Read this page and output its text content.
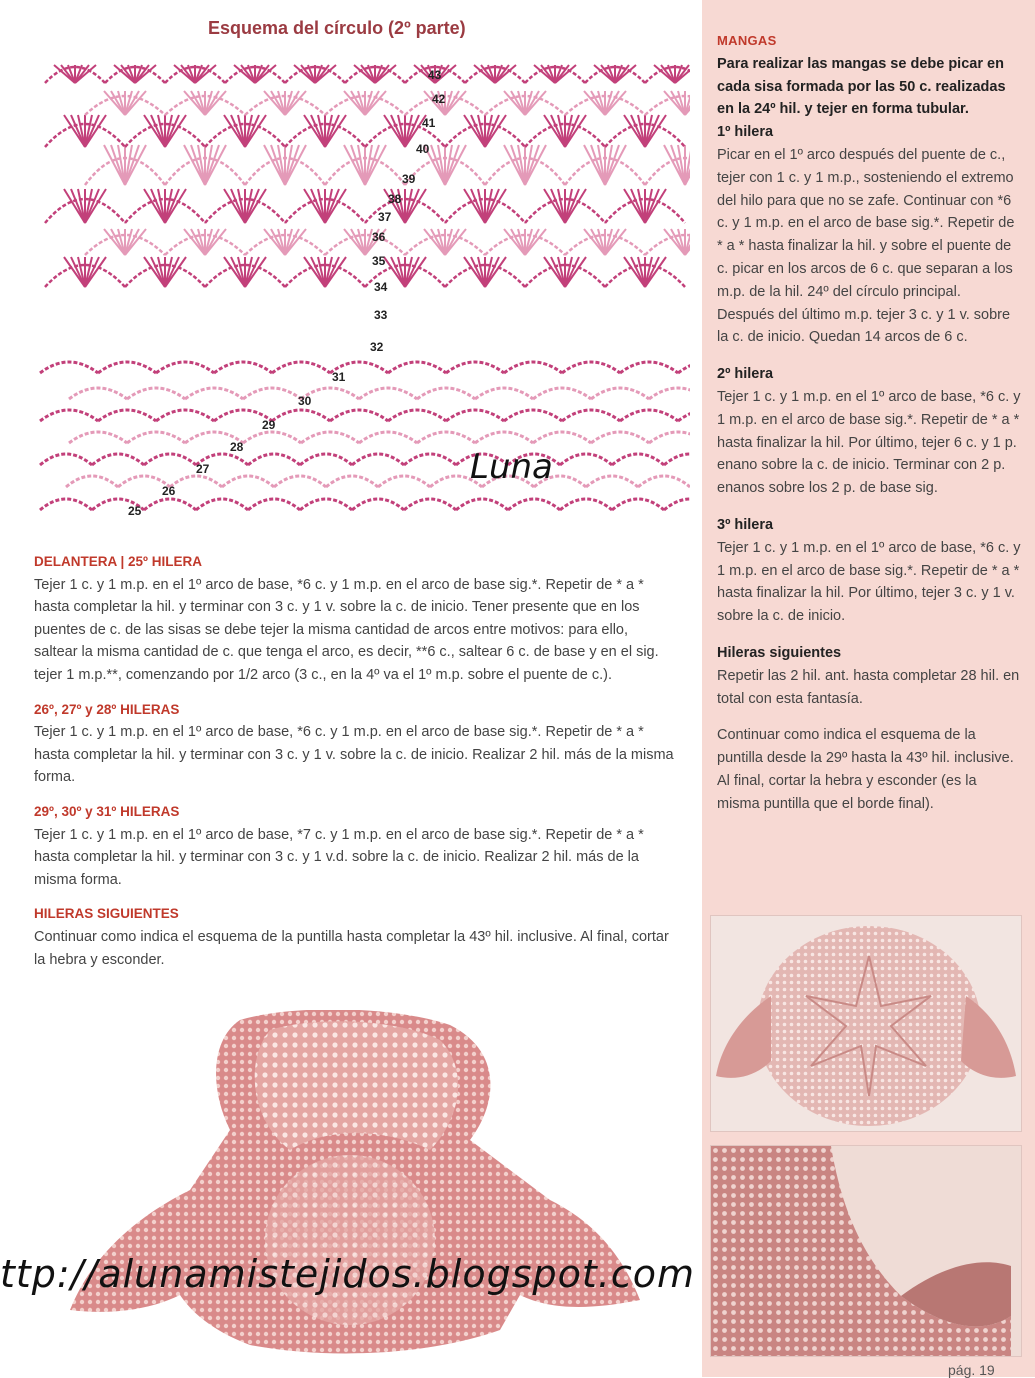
MANGAS
Para realizar las mangas se debe picar en cada sisa formada por las 50 c. realizadas en la 24º hil. y tejer en forma tubular.
1º hilera
Picar en el 1º arco después del puente de c., tejer con 1 c. y 1 m.p., sosteniendo el extremo del hilo para que no se zafe. Continuar con *6 c. y 1 m.p. en el arco de base sig.*. Repetir de * a * hasta finalizar la hil. y sobre el puente de c. picar en los arcos de 6 c. que separan a los m.p. de la hil. 24º del círculo principal. Después del último m.p. tejer 3 c. y 1 v. sobre la c. de inicio. Quedan 14 arcos de 6 c.
2º hilera
Tejer 1 c. y 1 m.p. en el 1º arco de base, *6 c. y 1 m.p. en el arco de base sig.*. Repetir de * a * hasta finalizar la hil. Por último, tejer 6 c. y 1 p. enano sobre la c. de inicio. Terminar con 2 p. enanos sobre los 2 p. de base sig.
3º hilera
Tejer 1 c. y 1 m.p. en el 1º arco de base, *6 c. y 1 m.p. en el arco de base sig.*. Repetir de * a * hasta finalizar la hil. Por último, tejer 3 c. y 1 v. sobre la c. de inicio.
Hileras siguientes
Repetir las 2 hil. ant. hasta completar 28 hil. en total con esta fantasía.
Continuar como indica el esquema de la puntilla desde la 29º hasta la 43º hil. inclusive. Al final, cortar la hebra y esconder (es la misma puntilla que el borde final).
Esquema del círculo (2º parte)
43
42
41
40
39
38
37
36
35
34
33
32
31
30
29
28
27
26
25
Luna
DELANTERA | 25º HILERA
Tejer 1 c. y 1 m.p. en el 1º arco de base, *6 c. y 1 m.p. en el arco de base sig.*. Repetir de * a * hasta completar la hil. y terminar con 3 c. y 1 v. sobre la c. de inicio. Tener presente que en los puentes de c. de las sisas se debe tejer la misma cantidad de arcos entre motivos: para ello, saltear la misma cantidad de c. que tenga el arco, es decir, **6 c., saltear 6 c. de base y en el sig. tejer 1 m.p.**, comenzando por 1/2 arco (3 c., en la 4º va el 1º m.p. sobre el puente de c.).
26º, 27º y 28º HILERAS
Tejer 1 c. y 1 m.p. en el 1º arco de base, *6 c. y 1 m.p. en el arco de base sig.*. Repetir de * a * hasta completar la hil. y terminar con 3 c. y 1 v. sobre la c. de inicio. Realizar 2 hil. más de la misma forma.
29º, 30º y 31º HILERAS
Tejer 1 c. y 1 m.p. en el 1º arco de base, *7 c. y 1 m.p. en el arco de base sig.*. Repetir de * a * hasta completar la hil. y terminar con 3 c. y 1 v.d. sobre la c. de inicio. Realizar 2 hil. más de la misma forma.
HILERAS SIGUIENTES
Continuar como indica el esquema de la puntilla hasta completar la 43º hil. inclusive. Al final, cortar la hebra y esconder.
ttp://alunamistejidos.blogspot.com
pág. 19
